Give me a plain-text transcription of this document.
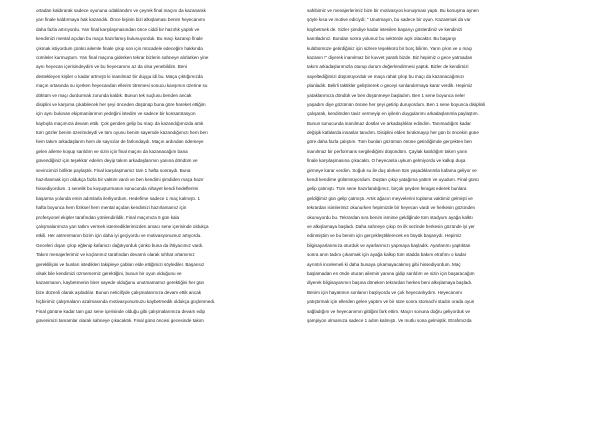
ortadan kaldırarak sadece oyununa odaklandım ve çeyrek final maçını da kazanarak
yarı finale kaldırmaya hak kazandık. Önce kişinin bizi alkışlaması benim heyecanımı
daha fazla artırıyordu. Yarı final karşılaşmasından önce ciddi bir hazırlık yaptık ve
kendimizi mental açıdan bu maça hazırlamış bulunuyorduk. Bu maçı kazanıp finale
çıkmak istiyordum çünkü ailemle finale çıkıp son için mücadele edeceğim hakkında
cümleler kurmuştum. Yarı final maçına giderken tekrar bizlerin sahneye alırlarken yine
aynı heyecan içerisindeydim ve bu heyecanımı az da olsa yenebildim. Beni
destekleyen kişiler o kadar artmıştı ki inanılmaz bir duygu idi bu. Maça çıktığımızda
maçın ortasında su içerken heyecandan ellerim titremesi sonucu kavşımın üzerine su
döktüm ve maçı durdurmak zorunda kaldık. Bunun tek suçlusu benden ancak
disiplini ve karşıma çıkabilecek her şeyi önceden düşünüp buna göre hareket ettiğim
için aynı bulunan ekipmanlarımın yedeğini istedim ve sadece bir konsantrasyon
kaybıyla maçımıza devam ettik. Çok geriden gelip bu maçı da kazandığımızda artık
türrı gözler benim üzerimdeydi ve tüm oyunu benim sayemde kazandığımızı hem ben
hem takım arkadaşlarım hem de sayıcılar de farkındaydı. Maçın ardından ödemeye
gelen aileme koşup sarıldım ve sizin için final maçını da kazanacağım bana
güvendiğiniz için teşekkür ederim deyip takım arkadaşlarımın yanına döndüm ve
sevincimizi birlikte paylaştık. Final karşılaşmamız tam 1 hafta sonraydı. Buna
hazırlanmak için oldukça fazla bir vaktim vardı ve ben kendimi şimdiden maça hazır
hissediyordum. 1 senelik bu koşuşturmanın sonucunda nihayet kendi hedeflerimi
başarma yolunda emin adımlarla ilerliyordum. Hedefime sadece 1 maç kalmıştı. 1
hafta boyunca hem fiziksel hem mental açıdan kendimizi hazırlamamız için
profesyonel ekipler tarafından yönlendirildik. Final maçımıza 5 gün kala
çalışmalarımıza yarı tatlım vermek istemediklerimizden amacı sene içerisinde oldukça
etkili. Her antrenmanın bizim için daha iyi geçiyordu ve motivasyonumuz artıyordu.
Geceleri dışarı çıkıp eğlenip kafamızı dağıtıyorduk çünkü buna da ihtiyacımız vardı.
Takım menajerlerimiz ve koçlarımız tarafından devamlı olarak sıhhat ortamımız
gereklilişini ve bunları istedikleri takipleye çabları elde ettiğimizi söylediler. Başarısız
olsak bile kendimizi üzmememiz gerektiğini, bunun bir oyun olduğunu ve
kazanmanın, kaybetmenin birer sayede olduğunu unutmamamız gerektiğini her gün
bize düzenli olarak aşıladılar. Bunun neticillyde çalışmalarımıza devam ettik ancak
hiçbirimiz çalışmaların azalmasında motivasyonumuzu kaybetmedik oldukça güçlenmedi.
Final gününe kadar tam gaz sene içerisinde olduğu gibi çalışmalarımıza devam edip
güvenimizi tamamlar olarak sahneye çıkacaktık. Final günü öncesi gecesinde takım
sahibimiz ve menajerlerimiz bize bir motivasyon konuşması yaptı. Bu konuşma aynen
şöyle kısa ve motive ediciydi; " Unutmayın, bu sadece bir oyun. Kazanmak da var
kaybetmek de. Sizler şimdiye kadar istenilen başarıyı gösterdiniz ve kendinizi
kanıtladınız. Bundan sonra yolunuz bu sektörde açık olacaktır. Bu başarıyı
kulübümüze getirdiğiniz için sizlere teşekkürü bir borç bilirim. Yarın çıkın ve o maçı
kazanın !" diyerek inanılmaz bir kuvvet yaratlı bizde. Biz hepimiz o gece yatmadan
takım arkadaşlarımızla oturup durum değerlendirmesi yaptık. Bizler de kendimizi
sayeltediğimizi düşünüyorduk ve maça rahat çıkıp bu maçı da kazanacağımızı
planladık. Belirli taktikler geliştirerek o geceyi sonlandırmaya karar verdik. Hepimiz
yataklarımıza döndük ve ben düşünmeye başladım. Ben 1 sene boyunca neler
yaşadım diye gözümün önüne her şeyi getirip duruyordum. Ben 1 sene boyunca disiplinli
çalışarak, kendimden taviz vermeyip en iyilerin duygularımı arkadaşlarımla paylaştım.
Bunun sonucunda inanılmaz dostlar ve arkadaşlıklar edindim. Tanımadığım kadar
değişik kafalarda insanlar tanıdım. Disiplini elden bırakmayıp her gün bi öncekin güne
göre daha fazla çalıştım. Tüm bunları gözümün önüne getirdiğimde gerçekten ben
inanılmaz bir performans sergilediğimi düşündüm. Çaylak katıldığım takım yarın
finale karşılaşmasına çıkacaktı. O heyecanla uykum gelmiyordu ve kalkıp duşa
girmeye karar verdim. Soğuk su ile duş alırken tüm yaşadıklarımla kafama geliyor ve
kendi kendime gülümsüyordum. Duştan çıkıp yatağıma yattım ve uyudum. Final günü
gelip çatmıştı. Tüm sene hazırlandığımız, birçok şeyden feragat ederek bunlara
geldiğimiz gün gelip çatmıştı. Artık ağacın meyvelerini toplama vaktimiz gelmişti ve
tekrardan isimlerimiz okunurken hepimizde bir heyecan vardı ve herkesin gözünden
okunuyordu bu. Tekrardan sıra benim ismime geldiğinde tüm stadyum ayağa kalktı
ve alkışlamaya başladı. Daha sahneye çıkıp ön ilk sezinde herkesin gözünde iyi yer
edinmiştim ve bu benim için gerçekleştiklerecek en büyük başarıydı. Hepimiz
bilgisayarlarımıza oturduk ve ayarlarımızı yapmaya başladık. Ayarlarımı yaptıktan
sonra anın tadını çıkarmak için ayağa kalkıp tüm stadda bakım etrafımı o kadar
ayrıntılı incelemeli ki daha bunaya çıkamayacakmış gibi hissediyordum. Maç
başlamadan en önde oturan ailemin yanına gidip sarıldım ve sizin için başaracağım
diyerek bilgisayarımın başına döneken tekrardan herkes beni alkışlamaya başladı.
Benim için hayatımın sonlanırı başlıyordu ve çok heyecanlıydım. Heyecanımı
yatıştırmak için ellerden gelen yaptım ve bir süre sonra stomachi stadın orada oyun
sağladığım ve heyecanımın gittiğini fark ettim. Maçın sonuna doğru geliyorduk ve
şampiyon olmamıza sadece 1 adım kalmıştı. Ve mutlu sona gelmiştik. Etrafımızda
